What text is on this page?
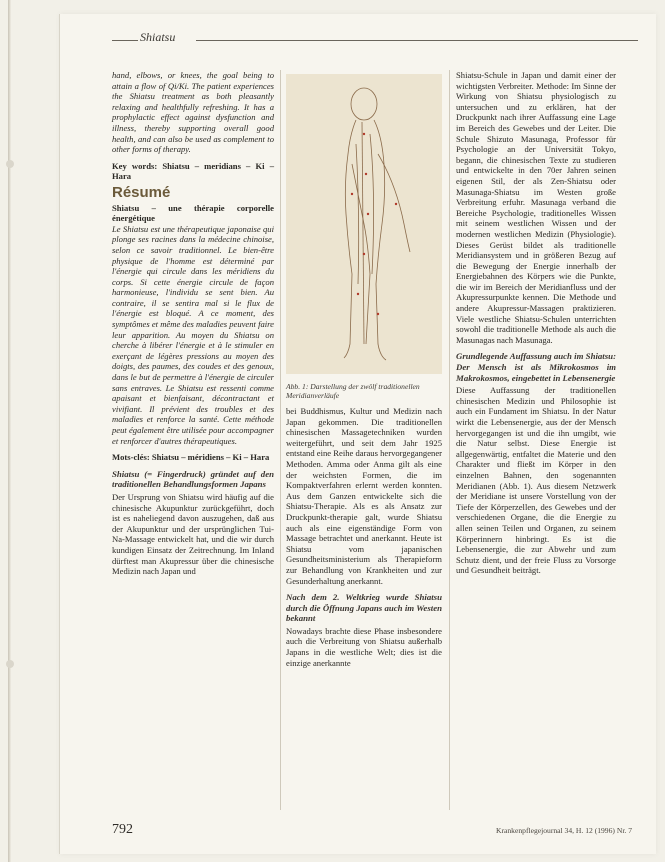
Shiatsu

hand, elbows, or knees, the goal being to attain a flow of Qi/Ki. The patient experiences the Shiatsu treatment as both pleasantly relaxing and healthfully refreshing. It has a prophylactic effect against dysfunction and illness, thereby supporting overall good health, and can also be used as complement to other forms of therapy.

Key words: Shiatsu – meridians – Ki – Hara

Résumé

Shiatsu – une thérapie corporelle énergétique

Le Shiatsu est une thérapeutique japonaise qui plonge ses racines dans la médecine chinoise, selon ce savoir traditionnel. Le bien-être physique de l'homme est déterminé par l'énergie qui circule dans les méridiens du corps. Si cette énergie circule de façon harmonieuse, l'individu se sent bien. Au contraire, il se sentira mal si le flux de l'énergie est bloqué. A ce moment, des symptômes et même des maladies peuvent faire leur apparition. Au moyen du Shiatsu on cherche à libérer l'énergie et à le stimuler en exerçant de légères pressions au moyen des doigts, des paumes, des coudes et des genoux, dans le but de permettre à l'énergie de circuler sans entraves. Le Shiatsu est ressenti comme apaisant et bienfaisant, décontractant et vivifiant. Il prévient des troubles et des maladies et renforce la santé. Cette méthode peut également être utilisée pour accompagner et renforcer d'autres thérapeutiques.

Mots-clés: Shiatsu – méridiens – Ki – Hara

Shiatsu (= Fingerdruck) gründet auf den traditionellen Behandlungsformen Japans

Der Ursprung von Shiatsu wird häufig auf die chinesische Akupunktur zurückgeführt, doch ist es naheliegend davon auszugehen, daß aus der Akupunktur und der ursprünglichen Tui-Na-Massage entwickelt hat, und die wir durch kundigen Einsatz der Zeitrechnung. Im Inland dürftest man Akupressur über die chinesische Medizin nach Japan und

Abb. 1: Darstellung der zwölf traditionellen Meridianverläufe

bei Buddhismus, Kultur und Medizin nach Japan gekommen. Die traditionellen chinesischen Massagetechniken wurden weitergeführt, und seit dem Jahr 1925 entstand eine Reihe daraus hervorgegangener Methoden. Amma oder Anma gilt als eine der weichsten Formen, die im Kompaktverfahren erlernt werden konnten. Aus dem Ganzen entwickelte sich die Shiatsu-Therapie. Als es als Ansatz zur Druckpunkt-therapie galt, wurde Shiatsu auch als eine eigenständige Form von Massage betrachtet und anerkannt. Heute ist Shiatsu vom japanischen Gesundheitsministerium als Therapieform zur Behandlung von Krankheiten und zur Gesunderhaltung anerkannt.

Nach dem 2. Weltkrieg wurde Shiatsu durch die Öffnung Japans auch im Westen bekannt

Nowadays brachte diese Phase insbesondere auch die Verbreitung von Shiatsu außerhalb Japans in die westliche Welt; dies ist die einzige anerkannte

Shiatsu-Schule in Japan und damit einer der wichtigsten Verbreiter. Methode: Im Sinne der Wirkung von Shiatsu physiologisch zu untersuchen und zu erklären, hat der Druckpunkt nach ihrer Auffassung eine Lage im Bereich des Gewebes und der Leiter. Die Schule Shizuto Masunaga, Professor für Psychologie an der Universität Tokyo, begann, die chinesischen Texte zu studieren und entwickelte in den 70er Jahren seinen eigenen Stil, der als Zen-Shiatsu oder Masunaga-Shiatsu im Westen große Verbreitung erfuhr. Masunaga verband die Bereiche Psychologie, traditionelles Wissen mit seinem westlichen Wissen und der modernen westlichen Medizin (Physiologie). Dieses Gerüst bildet als traditionelle Meridiansystem und in größeren Bezug auf die Bewegung der Energie innerhalb der Energiebahnen des Körpers wie die Punkte, die wir im Bereich der Meridianfluss und der Akupressurpunkte kennen. Die Methode und andere Akupressur-Massagen praktizieren. Viele westliche Shiatsu-Schulen unterrichten sowohl die traditionelle Methode als auch die Masunagas nach Masunaga.

Grundlegende Auffassung auch im Shiatsu: Der Mensch ist als Mikrokosmos im Makrokosmos, eingebettet in Lebensenergie

Diese Auffassung der traditionellen chinesischen Medizin und Philosophie ist auch ein Fundament im Shiatsu. In der Natur wirkt die Lebensenergie, aus der der Mensch hervorgegangen ist und die ihn umgibt, wie die Natur selbst. Diese Energie ist allgegenwärtig, entfaltet die Materie und den Charakter und fließt im Körper in den einzelnen Bahnen, den sogenannten Meridianen (Abb. 1). Aus diesem Netzwerk der Meridiane ist unsere Vorstellung von der Tiefe der Körperzellen, des Gewebes und der verschiedenen Organe, die die Energie zu allen seinen Teilen und Organen, zu seinem Körperinnern hinbringt. Es ist die Lebensenergie, die zur Abwehr und zum Schutz dient, und der freie Fluss zu Vorsorge und Gesundheit beiträgt.

792	Krankenpflegejournal 34, H. 12 (1996) Nr. 7
